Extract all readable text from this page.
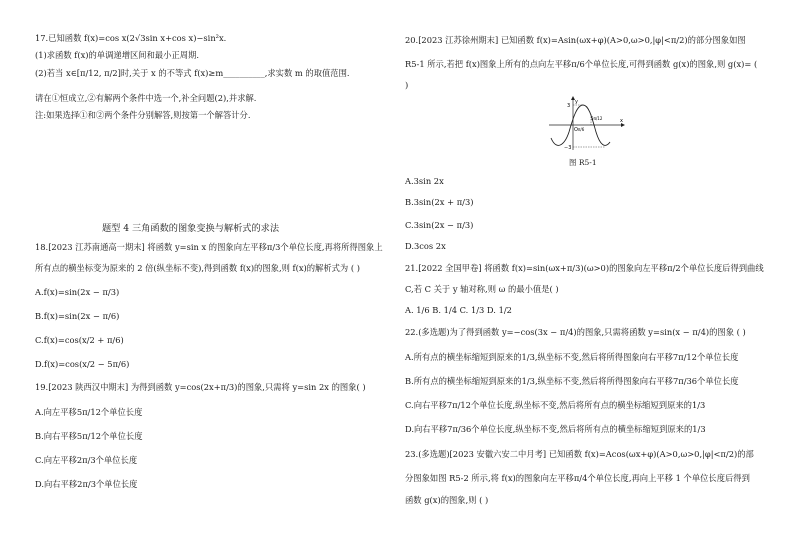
17.已知函数 f(x)=cos x(2√3sin x+cos x)−sin²x.
(1)求函数 f(x)的单调递增区间和最小正周期.
(2)若当 x∈[π/12, π/2]时,关于 x 的不等式 f(x)≥m__________,求实数 m 的取值范围.
请在①恒成立,②有解两个条件中选一个,补全问题(2),并求解.
注:如果选择①和②两个条件分别解答,则按第一个解答计分.
题型 4 三角函数的图象变换与解析式的求法
18.[2023 江苏南通高一期末] 将函数 y=sin x 的图象向左平移π/3个单位长度,再将所得图象上
所有点的横坐标变为原来的 2 倍(纵坐标不变),得到函数 f(x)的图象,则 f(x)的解析式为 ( )
A.f(x)=sin(2x − π/3)
B.f(x)=sin(2x − π/6)
C.f(x)=cos(x/2 + π/6)
D.f(x)=cos(x/2 − 5π/6)
19.[2023 陕西汉中期末] 为得到函数 y=cos(2x+π/3)的图象,只需将 y=sin 2x 的图象( )
A.向左平移5π/12个单位长度
B.向右平移5π/12个单位长度
C.向左平移2π/3个单位长度
D.向右平移2π/3个单位长度
20.[2023 江苏徐州期末] 已知函数 f(x)=Asin(ωx+φ)(A>0,ω>0,|φ|<π/2)的部分图象如图
R5-1 所示,若把 f(x)图象上所有的点向左平移π/6个单位长度,可得到函数 g(x)的图象,则 g(x)= (
)
y
3
−3
O π/6
5π/12	x
图 R5-1
A.3sin 2x
B.3sin(2x + π/3)
C.3sin(2x − π/3)
D.3cos 2x
21.[2022 全国甲卷] 将函数 f(x)=sin(ωx+π/3)(ω>0)的图象向左平移π/2个单位长度后得到曲线
C,若 C 关于 y 轴对称,则 ω 的最小值是( )
A. 1/6 B. 1/4 C. 1/3 D. 1/2
22.(多选题)为了得到函数 y=−cos(3x − π/4)的图象,只需将函数 y=sin(x − π/4)的图象 ( )
A.所有点的横坐标缩短到原来的1/3,纵坐标不变,然后将所得图象向右平移7π/12个单位长度
B.所有点的横坐标缩短到原来的1/3,纵坐标不变,然后将所得图象向右平移7π/36个单位长度
C.向右平移7π/12个单位长度,纵坐标不变,然后将所有点的横坐标缩短到原来的1/3
D.向右平移7π/36个单位长度,纵坐标不变,然后将所有点的横坐标缩短到原来的1/3
23.(多选题)[2023 安徽六安二中月考] 已知函数 f(x)=Acos(ωx+φ)(A>0,ω>0,|φ|<π/2)的部
分图象如图 R5-2 所示,将 f(x)的图象向左平移π/4个单位长度,再向上平移 1 个单位长度后得到
函数 g(x)的图象,则 ( )
